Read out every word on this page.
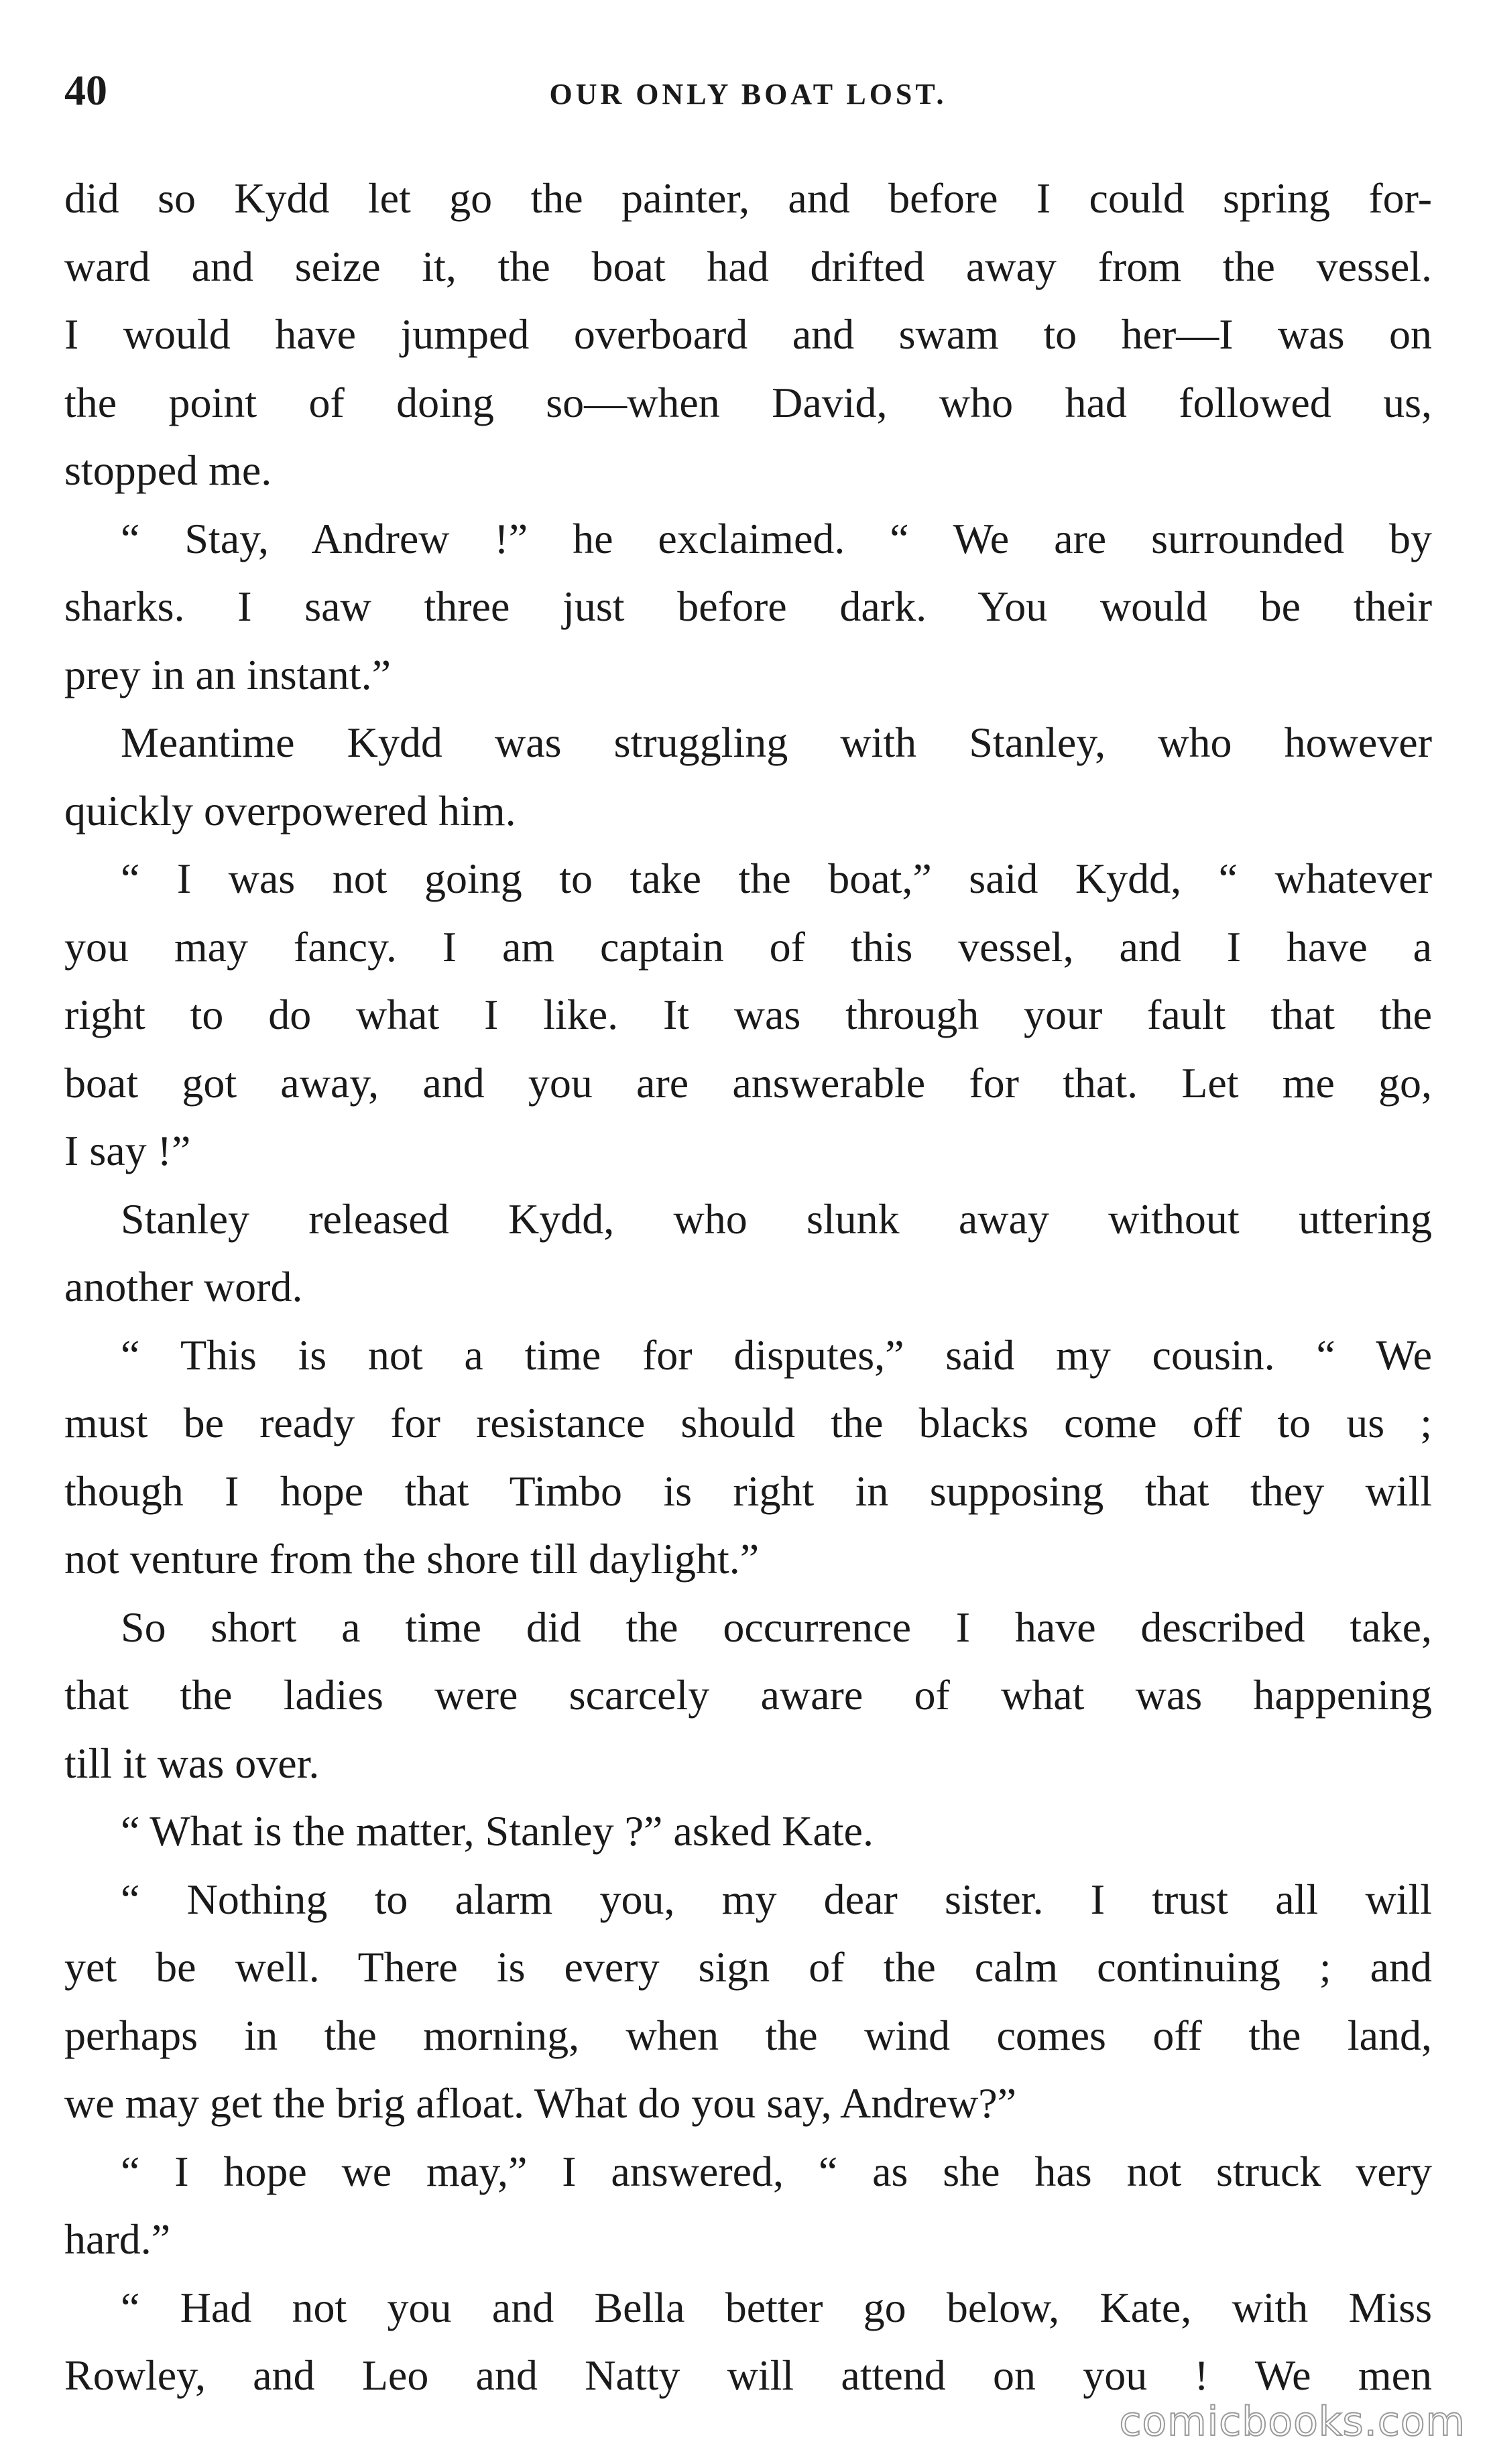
40	OUR ONLY BOAT LOST.
did so Kydd let go the painter, and before I could spring for-
ward and seize it, the boat had drifted away from the vessel.
I would have jumped overboard and swam to her—I was on
the point of doing so—when David, who had followed us,
stopped me.
“ Stay, Andrew !” he exclaimed. “ We are surrounded by
sharks. I saw three just before dark. You would be their
prey in an instant.”
Meantime Kydd was struggling with Stanley, who however
quickly overpowered him.
“ I was not going to take the boat,” said Kydd, “ whatever
you may fancy. I am captain of this vessel, and I have a
right to do what I like. It was through your fault that the
boat got away, and you are answerable for that. Let me go,
I say !”
Stanley released Kydd, who slunk away without uttering
another word.
“ This is not a time for disputes,” said my cousin. “ We
must be ready for resistance should the blacks come off to us ;
though I hope that Timbo is right in supposing that they will
not venture from the shore till daylight.”
So short a time did the occurrence I have described take,
that the ladies were scarcely aware of what was happening
till it was over.
“ What is the matter, Stanley ?” asked Kate.
“ Nothing to alarm you, my dear sister. I trust all will
yet be well. There is every sign of the calm continuing ; and
perhaps in the morning, when the wind comes off the land,
we may get the brig afloat. What do you say, Andrew?”
“ I hope we may,” I answered, “ as she has not struck very
hard.”
“ Had not you and Bella better go below, Kate, with Miss
Rowley, and Leo and Natty will attend on you ! We men
comicbooks.com
